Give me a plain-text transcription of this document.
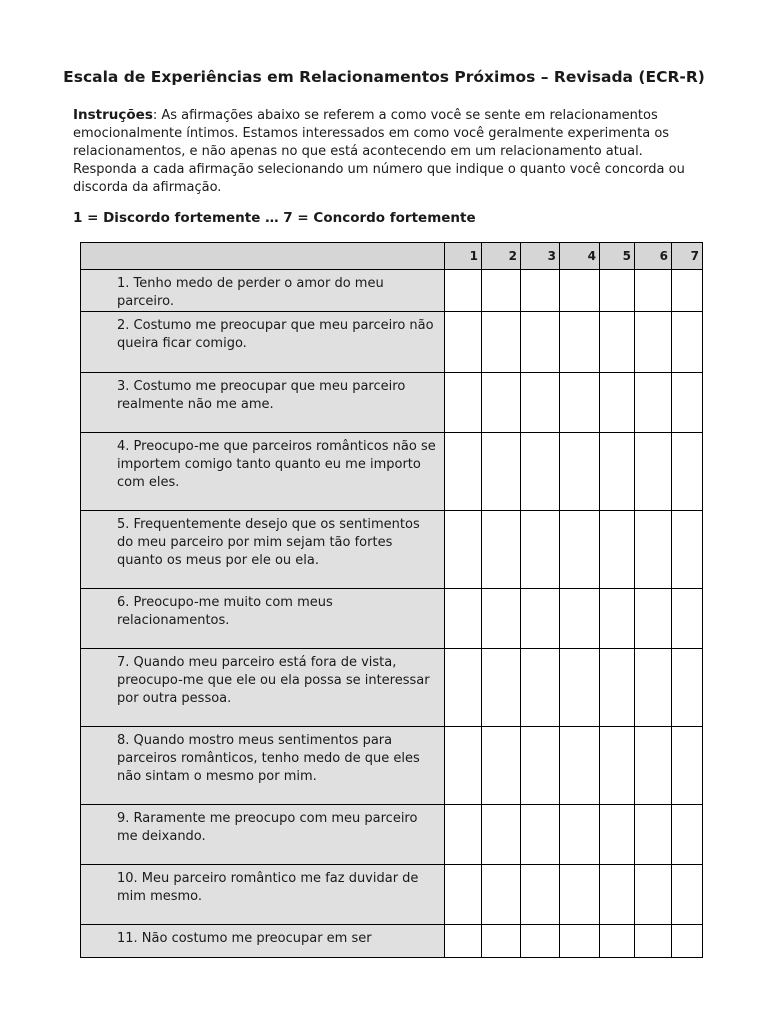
Escala de Experiências em Relacionamentos Próximos – Revisada (ECR-R)
Instruções: As afirmações abaixo se referem a como você se sente em relacionamentos emocionalmente íntimos. Estamos interessados em como você geralmente experimenta os relacionamentos, e não apenas no que está acontecendo em um relacionamento atual. Responda a cada afirmação selecionando um número que indique o quanto você concorda ou discorda da afirmação.
1 = Discordo fortemente … 7 = Concordo fortemente
	1	2	3	4	5	6	7
1. Tenho medo de perder o amor do meu parceiro.							
2. Costumo me preocupar que meu parceiro não queira ficar comigo.							
3. Costumo me preocupar que meu parceiro realmente não me ame.							
4. Preocupo-me que parceiros românticos não se importem comigo tanto quanto eu me importo com eles.							
5. Frequentemente desejo que os sentimentos do meu parceiro por mim sejam tão fortes quanto os meus por ele ou ela.							
6. Preocupo-me muito com meus relacionamentos.							
7. Quando meu parceiro está fora de vista, preocupo-me que ele ou ela possa se interessar por outra pessoa.							
8. Quando mostro meus sentimentos para parceiros românticos, tenho medo de que eles não sintam o mesmo por mim.							
9. Raramente me preocupo com meu parceiro me deixando.							
10. Meu parceiro romântico me faz duvidar de mim mesmo.							
11. Não costumo me preocupar em ser							
